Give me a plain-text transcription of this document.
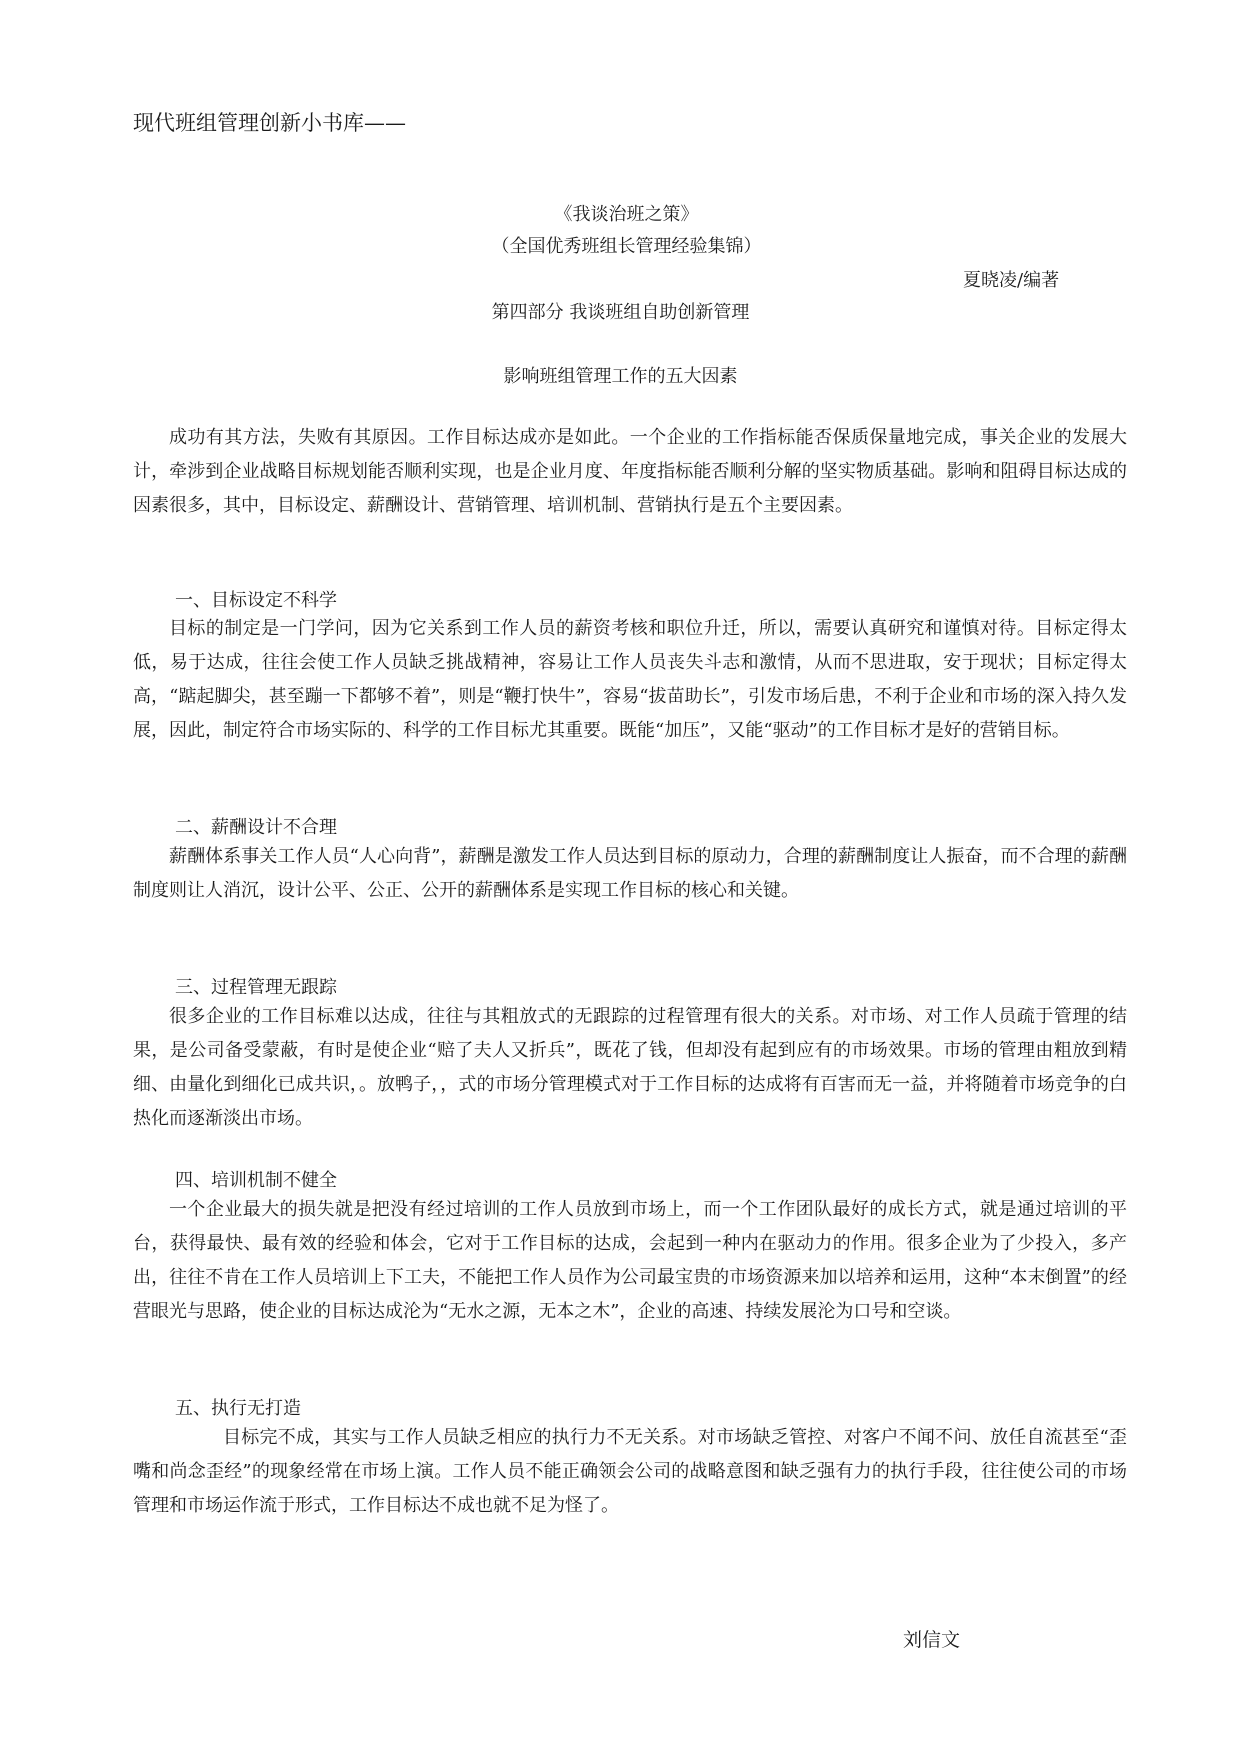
现代班组管理创新小书库——
《我谈治班之策》
（全国优秀班组长管理经验集锦）
夏晓凌/编著
第四部分 我谈班组自助创新管理
影响班组管理工作的五大因素

成功有其方法，失败有其原因。工作目标达成亦是如此。一个企业的工作指标能否保质保量地完成，事关企业的发展大计，牵涉到企业战略目标规划能否顺利实现，也是企业月度、年度指标能否顺利分解的坚实物质基础。影响和阻碍目标达成的因素很多，其中，目标设定、薪酬设计、营销管理、培训机制、营销执行是五个主要因素。

一、目标设定不科学

目标的制定是一门学问，因为它关系到工作人员的薪资考核和职位升迁，所以，需要认真研究和谨慎对待。目标定得太低，易于达成，往往会使工作人员缺乏挑战精神，容易让工作人员丧失斗志和激情，从而不思进取，安于现状；目标定得太高，“踮起脚尖，甚至蹦一下都够不着”，则是“鞭打快牛”，容易“拔苗助长”，引发市场后患，不利于企业和市场的深入持久发展，因此，制定符合市场实际的、科学的工作目标尤其重要。既能“加压”，又能“驱动”的工作目标才是好的营销目标。

二、薪酬设计不合理

薪酬体系事关工作人员“人心向背”，薪酬是激发工作人员达到目标的原动力，合理的薪酬制度让人振奋，而不合理的薪酬制度则让人消沉，设计公平、公正、公开的薪酬体系是实现工作目标的核心和关键。

三、过程管理无跟踪

很多企业的工作目标难以达成，往往与其粗放式的无跟踪的过程管理有很大的关系。对市场、对工作人员疏于管理的结果，是公司备受蒙蔽，有时是使企业“赔了夫人又折兵”，既花了钱，但却没有起到应有的市场效果。市场的管理由粗放到精细、由量化到细化已成共识，。放鸭子，，式的市场分管理模式对于工作目标的达成将有百害而无一益，并将随着市场竞争的白热化而逐渐淡出市场。

四、培训机制不健全

一个企业最大的损失就是把没有经过培训的工作人员放到市场上，而一个工作团队最好的成长方式，就是通过培训的平台，获得最快、最有效的经验和体会，它对于工作目标的达成，会起到一种内在驱动力的作用。很多企业为了少投入，多产出，往往不肯在工作人员培训上下工夫，不能把工作人员作为公司最宝贵的市场资源来加以培养和运用，这种“本末倒置”的经营眼光与思路，使企业的目标达成沦为“无水之源，无本之木”，企业的高速、持续发展沦为口号和空谈。

五、执行无打造

目标完不成，其实与工作人员缺乏相应的执行力不无关系。对市场缺乏管控、对客户不闻不问、放任自流甚至“歪嘴和尚念歪经”的现象经常在市场上演。工作人员不能正确领会公司的战略意图和缺乏强有力的执行手段，往往使公司的市场管理和市场运作流于形式，工作目标达不成也就不足为怪了。

刘信文
